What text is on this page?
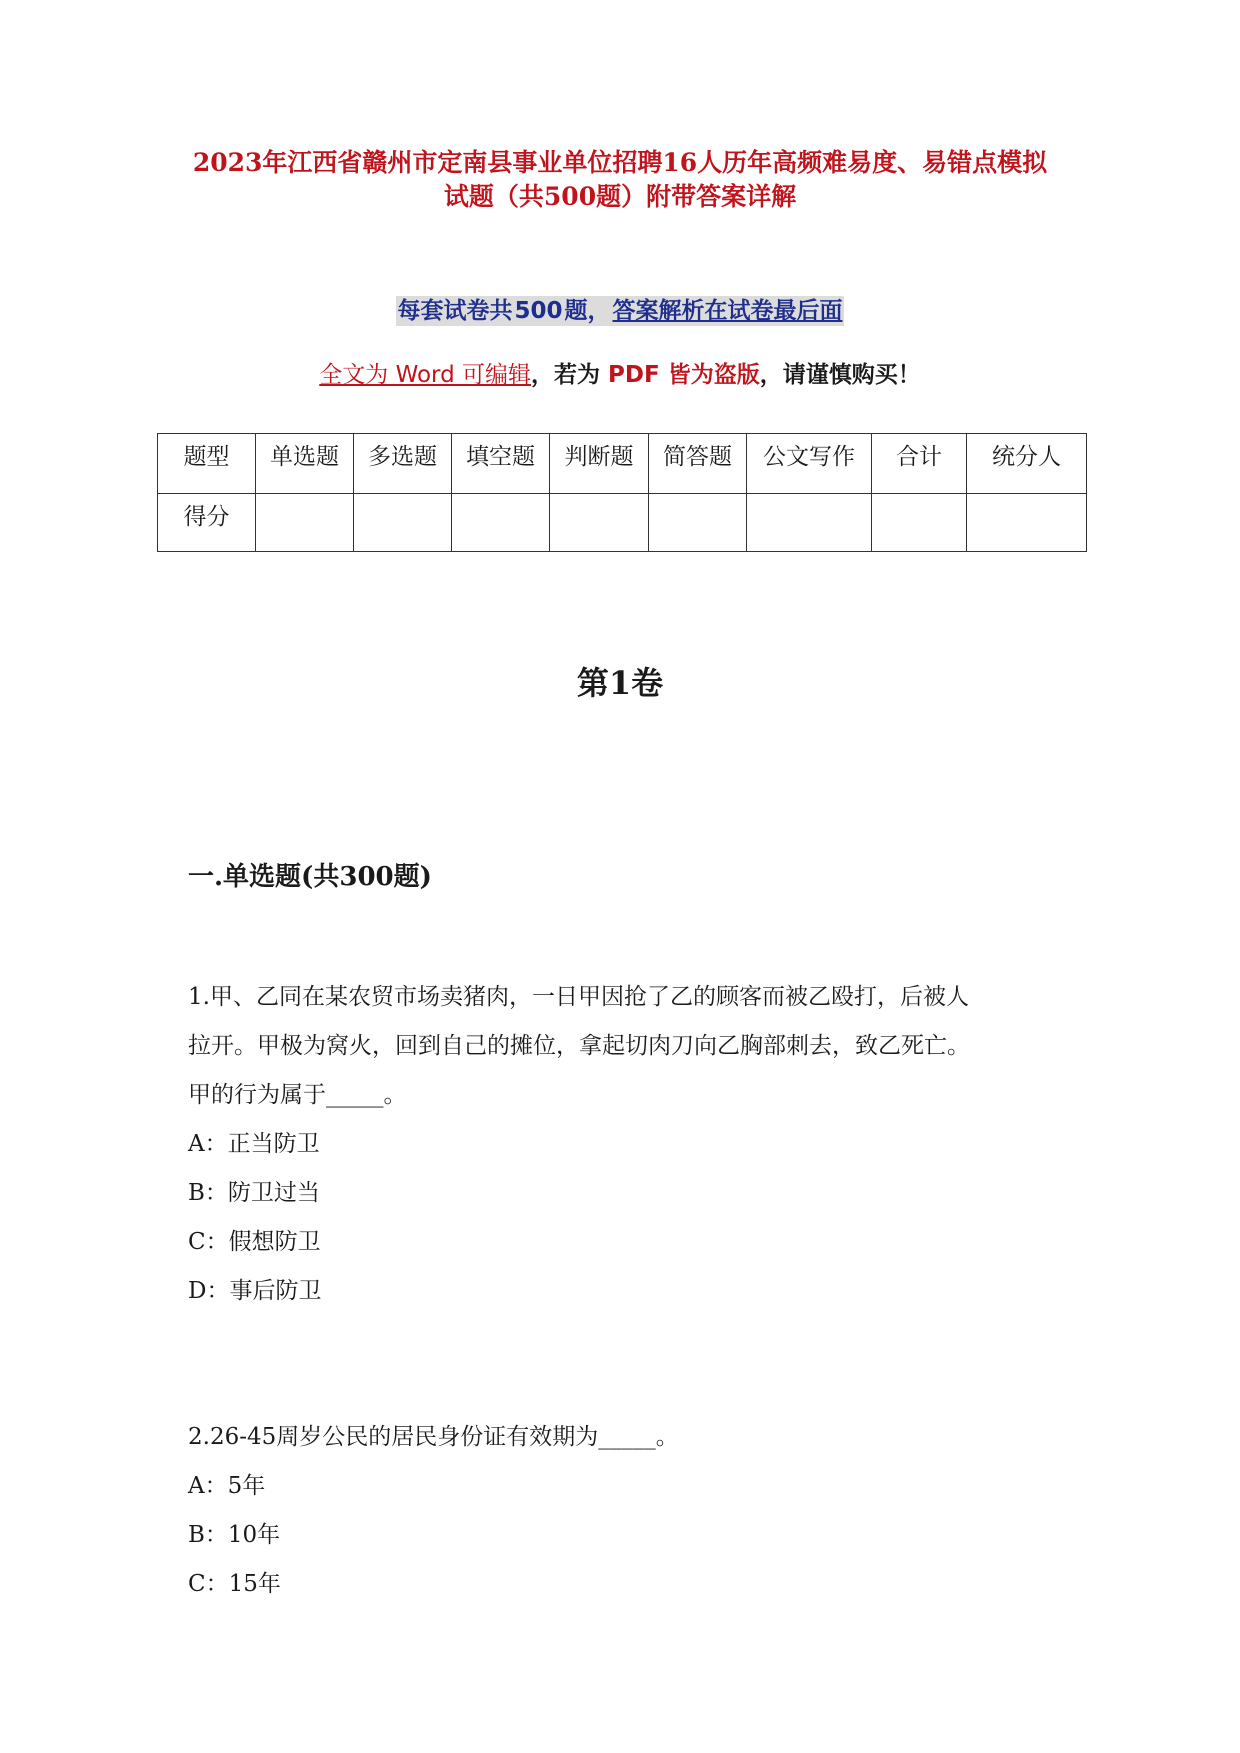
2023年江西省赣州市定南县事业单位招聘16人历年高频难易度、易错点模拟
试题（共500题）附带答案详解
每套试卷共500题，答案解析在试卷最后面
全文为 Word 可编辑，若为 PDF 皆为盗版，请谨慎购买！
题型	单选题	多选题	填空题	判断题	简答题	公文写作	合计	统分人
得分								
第1卷
一.单选题(共300题)

1.甲、乙同在某农贸市场卖猪肉，一日甲因抢了乙的顾客而被乙殴打，后被人

拉开。甲极为窝火，回到自己的摊位，拿起切肉刀向乙胸部刺去，致乙死亡。

甲的行为属于_____。

A：正当防卫

B：防卫过当

C：假想防卫

D：事后防卫

2.26-45周岁公民的居民身份证有效期为_____。

A：5年

B：10年

C：15年
